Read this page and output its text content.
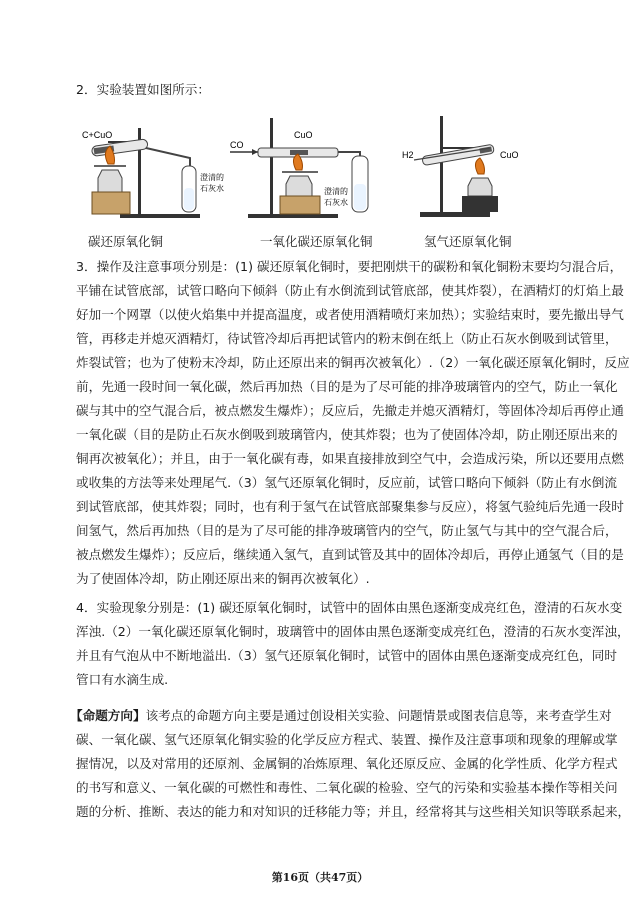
2．实验装置如图所示：
C+CuO
澄清的
石灰水
碳还原氧化铜
CO
CuO
澄清的
石灰水
一氧化碳还原氧化铜
H2	CuO
氢气还原氧化铜
3．操作及注意事项分别是：(1) 碳还原氧化铜时，要把刚烘干的碳粉和氧化铜粉末要均匀混合后，
平铺在试管底部，试管口略向下倾斜（防止有水倒流到试管底部，使其炸裂），在酒精灯的灯焰上最
好加一个网罩（以使火焰集中并提高温度，或者使用酒精喷灯来加热）；实验结束时，要先撤出导气
管，再移走并熄灭酒精灯，待试管冷却后再把试管内的粉末倒在纸上（防止石灰水倒吸到试管里，
炸裂试管；也为了使粉末冷却，防止还原出来的铜再次被氧化）.（2）一氧化碳还原氧化铜时，反应
前，先通一段时间一氧化碳，然后再加热（目的是为了尽可能的排净玻璃管内的空气，防止一氧化
碳与其中的空气混合后，被点燃发生爆炸）；反应后，先撤走并熄灭酒精灯，等固体冷却后再停止通
一氧化碳（目的是防止石灰水倒吸到玻璃管内，使其炸裂；也为了使固体冷却，防止刚还原出来的
铜再次被氧化）；并且，由于一氧化碳有毒，如果直接排放到空气中，会造成污染，所以还要用点燃
或收集的方法等来处理尾气.（3）氢气还原氧化铜时，反应前，试管口略向下倾斜（防止有水倒流
到试管底部，使其炸裂；同时，也有利于氢气在试管底部聚集参与反应），将氢气验纯后先通一段时
间氢气，然后再加热（目的是为了尽可能的排净玻璃管内的空气，防止氢气与其中的空气混合后，
被点燃发生爆炸）；反应后，继续通入氢气，直到试管及其中的固体冷却后，再停止通氢气（目的是
为了使固体冷却，防止刚还原出来的铜再次被氧化）.
4．实验现象分别是：(1) 碳还原氧化铜时，试管中的固体由黑色逐渐变成亮红色，澄清的石灰水变
浑浊.（2）一氧化碳还原氧化铜时，玻璃管中的固体由黑色逐渐变成亮红色，澄清的石灰水变浑浊，
并且有气泡从中不断地溢出.（3）氢气还原氧化铜时，试管中的固体由黑色逐渐变成亮红色，同时
管口有水滴生成.
【命题方向】该考点的命题方向主要是通过创设相关实验、问题情景或图表信息等，来考查学生对
碳、一氧化碳、氢气还原氧化铜实验的化学反应方程式、装置、操作及注意事项和现象的理解或掌
握情况，以及对常用的还原剂、金属铜的冶炼原理、氧化还原反应、金属的化学性质、化学方程式
的书写和意义、一氧化碳的可燃性和毒性、二氧化碳的检验、空气的污染和实验基本操作等相关问
题的分析、推断、表达的能力和对知识的迁移能力等；并且，经常将其与这些相关知识等联系起来，
第16页（共47页）
